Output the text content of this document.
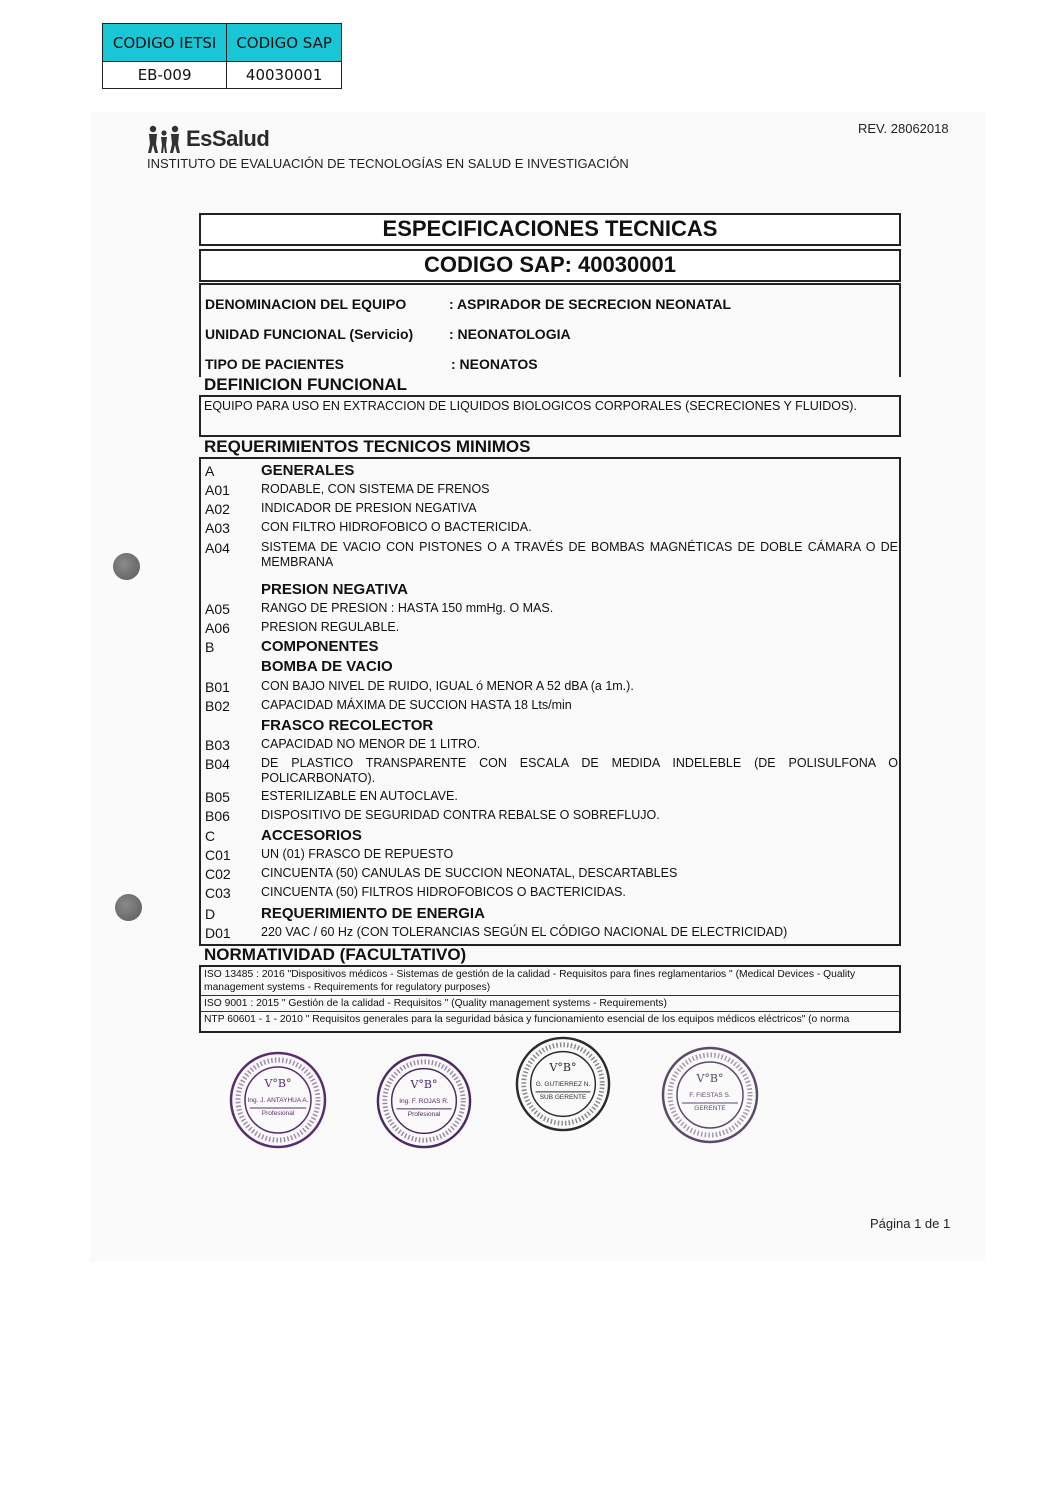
CODIGO IETSI	CODIGO SAP
EB-009	40030001
EsSalud
INSTITUTO DE EVALUACIÓN DE TECNOLOGÍAS EN SALUD E INVESTIGACIÓN
REV. 28062018
ESPECIFICACIONES TECNICAS
CODIGO SAP: 40030001
DENOMINACION DEL EQUIPO	: ASPIRADOR DE SECRECION NEONATAL
UNIDAD FUNCIONAL (Servicio)	: NEONATOLOGIA
TIPO DE PACIENTES	: NEONATOS
DEFINICION FUNCIONAL
EQUIPO PARA USO EN EXTRACCION DE LIQUIDOS BIOLOGICOS CORPORALES (SECRECIONES Y FLUIDOS).
REQUERIMIENTOS TECNICOS MINIMOS
A	GENERALES
A01 RODABLE, CON SISTEMA DE FRENOS
A02 INDICADOR DE PRESION NEGATIVA
A03 CON FILTRO HIDROFOBICO O BACTERICIDA.
A04 SISTEMA DE VACIO CON PISTONES O A TRAVÉS DE BOMBAS MAGNÉTICAS DE DOBLE CÁMARA O DE MEMBRANA
PRESION NEGATIVA
A05 RANGO DE PRESION : HASTA 150 mmHg. O MAS.
A06 PRESION REGULABLE.
B	COMPONENTES
BOMBA DE VACIO
B01 CON BAJO NIVEL DE RUIDO, IGUAL ó MENOR A 52 dBA (a 1m.).
B02 CAPACIDAD MÁXIMA DE SUCCION HASTA 18 Lts/min
FRASCO RECOLECTOR
B03 CAPACIDAD NO MENOR DE 1 LITRO.
B04 DE PLASTICO TRANSPARENTE CON ESCALA DE MEDIDA INDELEBLE (DE POLISULFONA O POLICARBONATO).
B05 ESTERILIZABLE EN AUTOCLAVE.
B06 DISPOSITIVO DE SEGURIDAD CONTRA REBALSE O SOBREFLUJO.
C	ACCESORIOS
C01 UN (01) FRASCO DE REPUESTO
C02 CINCUENTA (50) CANULAS DE SUCCION NEONATAL, DESCARTABLES
C03 CINCUENTA (50) FILTROS HIDROFOBICOS O BACTERICIDAS.
D	REQUERIMIENTO DE ENERGIA
D01 220 VAC / 60 Hz (CON TOLERANCIAS SEGÚN EL CÓDIGO NACIONAL DE ELECTRICIDAD)
NORMATIVIDAD (FACULTATIVO)
ISO 13485 : 2016 "Dispositivos médicos - Sistemas de gestión de la calidad - Requisitos para fines reglamentarios " (Medical Devices - Quality management systems - Requirements for regulatory purposes)
ISO 9001 : 2015 " Gestión de la calidad - Requisitos " (Quality management systems - Requirements)
NTP 60601 - 1 - 2010 " Requisitos generales para la seguridad básica y funcionamiento esencial de los equipos médicos eléctricos" (o norma
V°B°
Ing. J. ANTAYHUA A.
Profesional
V°B°
Ing. F. ROJAS R.
Profesional
V°B°
G. GUTIERREZ N.
SUB GERENTE
V°B°
F. FIESTAS S.
GERENTE
Página 1 de 1
